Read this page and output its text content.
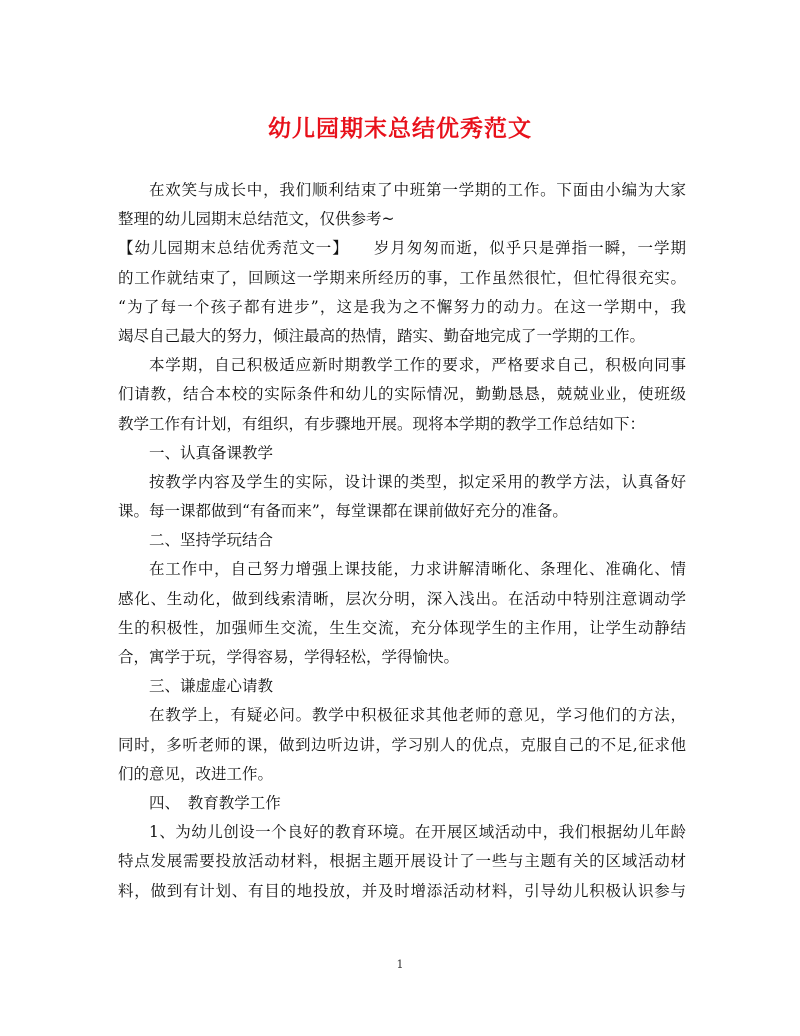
幼儿园期末总结优秀范文
在欢笑与成长中，我们顺利结束了中班第一学期的工作。下面由小编为大家
整理的幼儿园期末总结范文，仅供参考~
【幼儿园期末总结优秀范文一】　　岁月匆匆而逝，似乎只是弹指一瞬，一学期
的工作就结束了，回顾这一学期来所经历的事，工作虽然很忙，但忙得很充实。
“为了每一个孩子都有进步”，这是我为之不懈努力的动力。在这一学期中，我
竭尽自己最大的努力，倾注最高的热情，踏实、勤奋地完成了一学期的工作。
本学期，自己积极适应新时期教学工作的要求，严格要求自己，积极向同事
们请教，结合本校的实际条件和幼儿的实际情况，勤勤恳恳，兢兢业业，使班级
教学工作有计划，有组织，有步骤地开展。现将本学期的教学工作总结如下：
一、认真备课教学
按教学内容及学生的实际，设计课的类型，拟定采用的教学方法，认真备好
课。每一课都做到“有备而来”，每堂课都在课前做好充分的准备。
二、坚持学玩结合
在工作中，自己努力增强上课技能，力求讲解清晰化、条理化、准确化、情
感化、生动化，做到线索清晰，层次分明，深入浅出。在活动中特别注意调动学
生的积极性，加强师生交流，生生交流，充分体现学生的主作用，让学生动静结
合，寓学于玩，学得容易，学得轻松，学得愉快。
三、谦虚虚心请教
在教学上，有疑必问。教学中积极征求其他老师的意见，学习他们的方法，
同时，多听老师的课，做到边听边讲，学习别人的优点，克服自己的不足,征求他
们的意见，改进工作。
四、　教育教学工作
1、为幼儿创设一个良好的教育环境。在开展区域活动中，我们根据幼儿年龄
特点发展需要投放活动材料，根据主题开展设计了一些与主题有关的区域活动材
料，做到有计划、有目的地投放，并及时增添活动材料，引导幼儿积极认识参与
1
